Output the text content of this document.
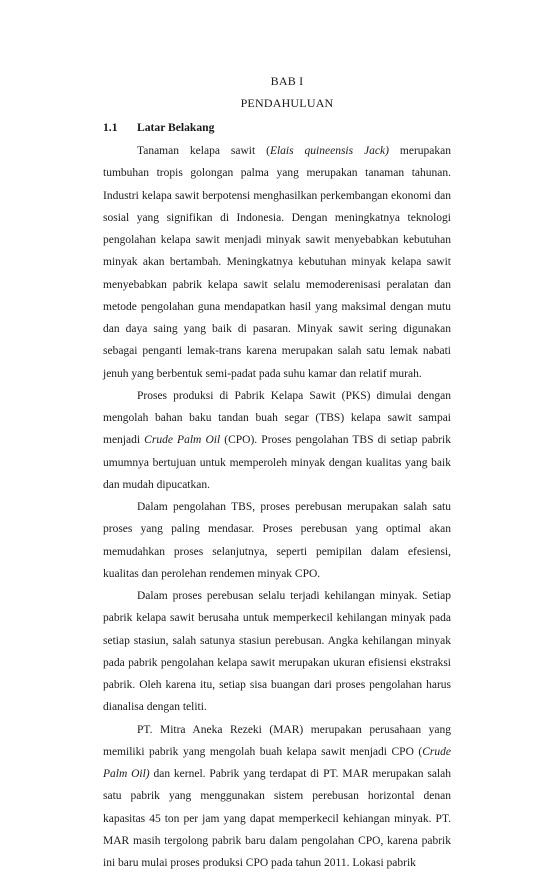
BAB I
PENDAHULUAN
1.1 Latar Belakang

Tanaman kelapa sawit (Elais quineensis Jack) merupakan tumbuhan tropis golongan palma yang merupakan tanaman tahunan. Industri kelapa sawit berpotensi menghasilkan perkembangan ekonomi dan sosial yang signifikan di Indonesia. Dengan meningkatnya teknologi pengolahan kelapa sawit menjadi minyak sawit menyebabkan kebutuhan minyak akan bertambah. Meningkatnya kebutuhan minyak kelapa sawit menyebabkan pabrik kelapa sawit selalu memoderenisasi peralatan dan metode pengolahan guna mendapatkan hasil yang maksimal dengan mutu dan daya saing yang baik di pasaran. Minyak sawit sering digunakan sebagai penganti lemak-trans karena merupakan salah satu lemak nabati jenuh yang berbentuk semi-padat pada suhu kamar dan relatif murah.

Proses produksi di Pabrik Kelapa Sawit (PKS) dimulai dengan mengolah bahan baku tandan buah segar (TBS) kelapa sawit sampai menjadi Crude Palm Oil (CPO). Proses pengolahan TBS di setiap pabrik umumnya bertujuan untuk memperoleh minyak dengan kualitas yang baik dan mudah dipucatkan.

Dalam pengolahan TBS, proses perebusan merupakan salah satu proses yang paling mendasar. Proses perebusan yang optimal akan memudahkan proses selanjutnya, seperti pemipilan dalam efesiensi, kualitas dan perolehan rendemen minyak CPO.

Dalam proses perebusan selalu terjadi kehilangan minyak. Setiap pabrik kelapa sawit berusaha untuk memperkecil kehilangan minyak pada setiap stasiun, salah satunya stasiun perebusan. Angka kehilangan minyak pada pabrik pengolahan kelapa sawit merupakan ukuran efisiensi ekstraksi pabrik. Oleh karena itu, setiap sisa buangan dari proses pengolahan harus dianalisa dengan teliti.

PT. Mitra Aneka Rezeki (MAR) merupakan perusahaan yang memiliki pabrik yang mengolah buah kelapa sawit menjadi CPO (Crude Palm Oil) dan kernel. Pabrik yang terdapat di PT. MAR merupakan salah satu pabrik yang menggunakan sistem perebusan horizontal denan kapasitas 45 ton per jam yang dapat memperkecil kehiangan minyak. PT. MAR masih tergolong pabrik baru dalam pengolahan CPO, karena pabrik ini baru mulai proses produksi CPO pada tahun 2011. Lokasi pabrik
